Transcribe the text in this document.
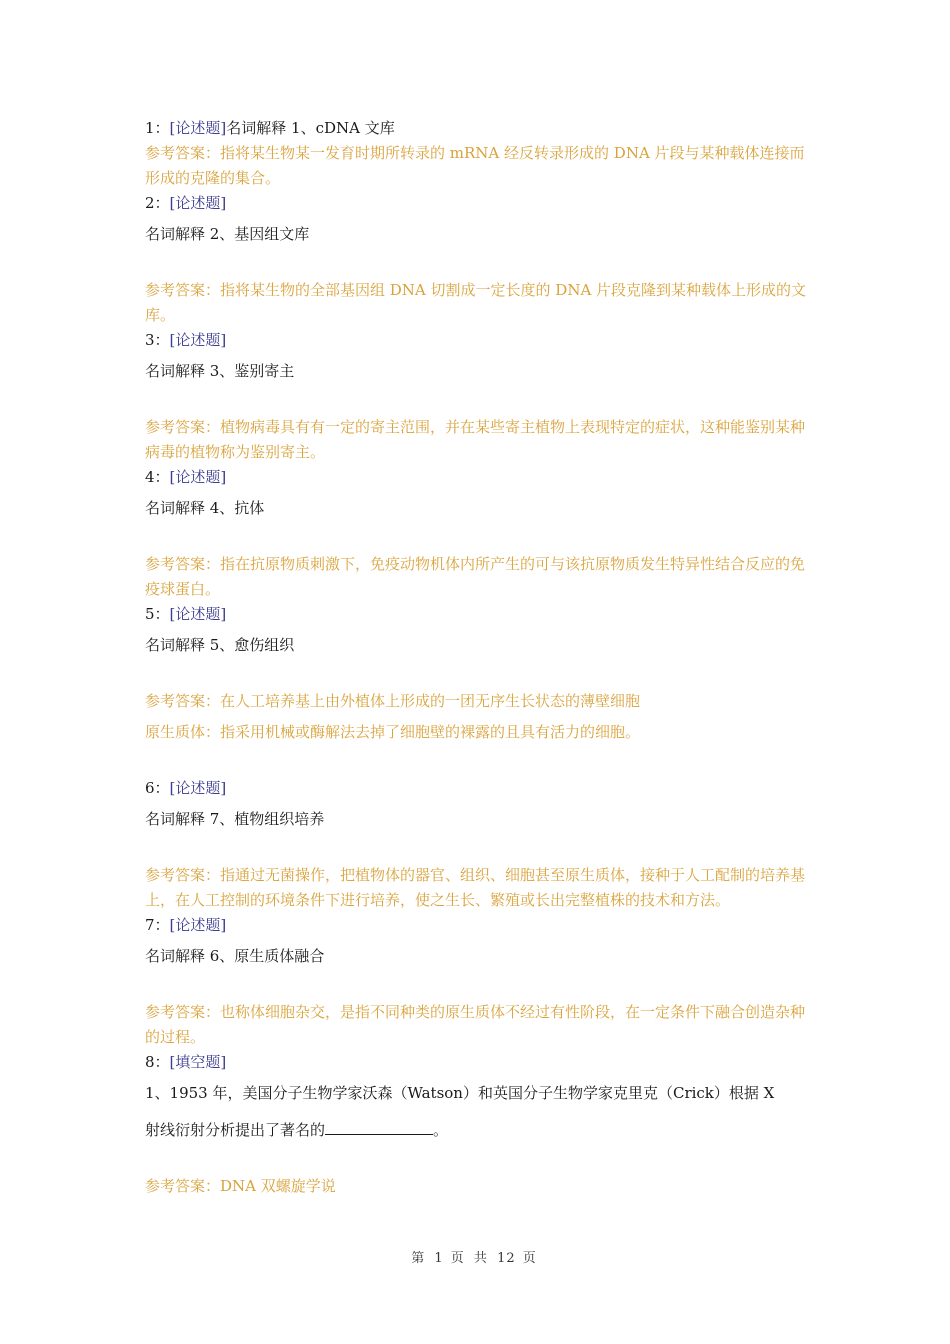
1：[论述题]名词解释 1、cDNA 文库
参考答案：指将某生物某一发育时期所转录的 mRNA 经反转录形成的 DNA 片段与某种载体连接而形成的克隆的集合。
2：[论述题]
名词解释 2、基因组文库
参考答案：指将某生物的全部基因组 DNA 切割成一定长度的 DNA 片段克隆到某种载体上形成的文库。
3：[论述题]
名词解释 3、鉴别寄主
参考答案：植物病毒具有有一定的寄主范围，并在某些寄主植物上表现特定的症状，这种能鉴别某种病毒的植物称为鉴别寄主。
4：[论述题]
名词解释 4、抗体
参考答案：指在抗原物质刺激下，免疫动物机体内所产生的可与该抗原物质发生特异性结合反应的免疫球蛋白。
5：[论述题]
名词解释 5、愈伤组织
参考答案：在人工培养基上由外植体上形成的一团无序生长状态的薄壁细胞
原生质体：指采用机械或酶解法去掉了细胞壁的裸露的且具有活力的细胞。
6：[论述题]
名词解释 7、植物组织培养
参考答案：指通过无菌操作，把植物体的器官、组织、细胞甚至原生质体，接种于人工配制的培养基上，在人工控制的环境条件下进行培养，使之生长、繁殖或长出完整植株的技术和方法。
7：[论述题]
名词解释 6、原生质体融合
参考答案：也称体细胞杂交，是指不同种类的原生质体不经过有性阶段，在一定条件下融合创造杂种的过程。
8：[填空题]
1、1953 年，美国分子生物学家沃森（Watson）和英国分子生物学家克里克（Crick）根据 X
射线衍射分析提出了著名的	。
参考答案：DNA 双螺旋学说
第 1 页 共 12 页
